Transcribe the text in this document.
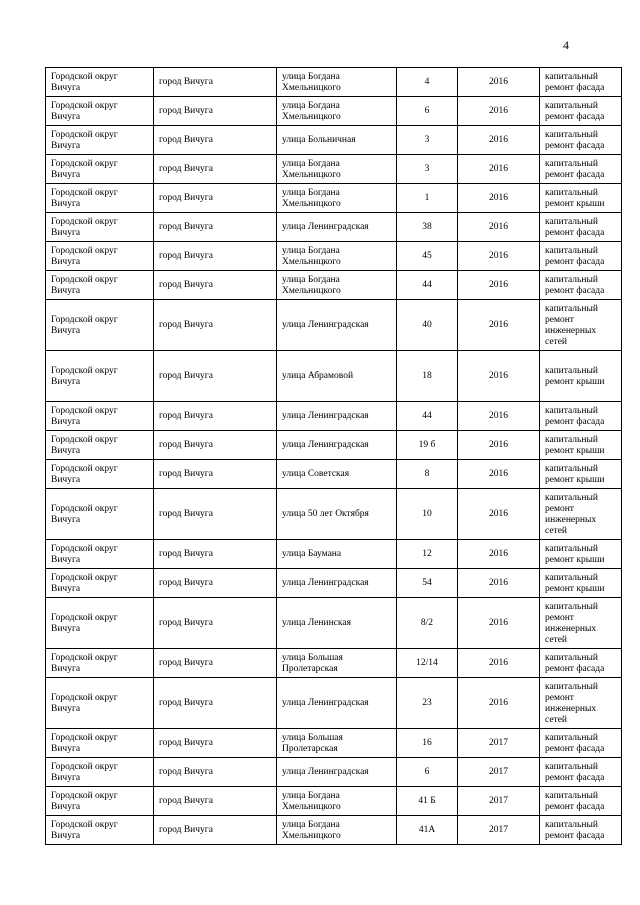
4
Городской округ Вичуга	город Вичуга	улица Богдана Хмельницкого	4	2016	капитальный ремонт фасада
Городской округ Вичуга	город Вичуга	улица Богдана Хмельницкого	6	2016	капитальный ремонт фасада
Городской округ Вичуга	город Вичуга	улица Больничная	3	2016	капитальный ремонт фасада
Городской округ Вичуга	город Вичуга	улица Богдана Хмельницкого	3	2016	капитальный ремонт фасада
Городской округ Вичуга	город Вичуга	улица Богдана Хмельницкого	1	2016	капитальный ремонт крыши
Городской округ Вичуга	город Вичуга	улица Ленинградская	38	2016	капитальный ремонт фасада
Городской округ Вичуга	город Вичуга	улица Богдана Хмельницкого	45	2016	капитальный ремонт фасада
Городской округ Вичуга	город Вичуга	улица Богдана Хмельницкого	44	2016	капитальный ремонт фасада
Городской округ Вичуга	город Вичуга	улица Ленинградская	40	2016	капитальный ремонт инженерных сетей
Городской округ Вичуга	город Вичуга	улица Абрамовой	18	2016	капитальный ремонт крыши
Городской округ Вичуга	город Вичуга	улица Ленинградская	44	2016	капитальный ремонт фасада
Городской округ Вичуга	город Вичуга	улица Ленинградская	19 б	2016	капитальный ремонт крыши
Городской округ Вичуга	город Вичуга	улица Советская	8	2016	капитальный ремонт крыши
Городской округ Вичуга	город Вичуга	улица 50 лет Октября	10	2016	капитальный ремонт инженерных сетей
Городской округ Вичуга	город Вичуга	улица Баумана	12	2016	капитальный ремонт крыши
Городской округ Вичуга	город Вичуга	улица Ленинградская	54	2016	капитальный ремонт крыши
Городской округ Вичуга	город Вичуга	улица Ленинская	8/2	2016	капитальный ремонт инженерных сетей
Городской округ Вичуга	город Вичуга	улица Большая Пролетарская	12/14	2016	капитальный ремонт фасада
Городской округ Вичуга	город Вичуга	улица Ленинградская	23	2016	капитальный ремонт инженерных сетей
Городской округ Вичуга	город Вичуга	улица Большая Пролетарская	16	2017	капитальный ремонт фасада
Городской округ Вичуга	город Вичуга	улица Ленинградская	6	2017	капитальный ремонт фасада
Городской округ Вичуга	город Вичуга	улица Богдана Хмельницкого	41 Б	2017	капитальный ремонт фасада
Городской округ Вичуга	город Вичуга	улица Богдана Хмельницкого	41А	2017	капитальный ремонт фасада
